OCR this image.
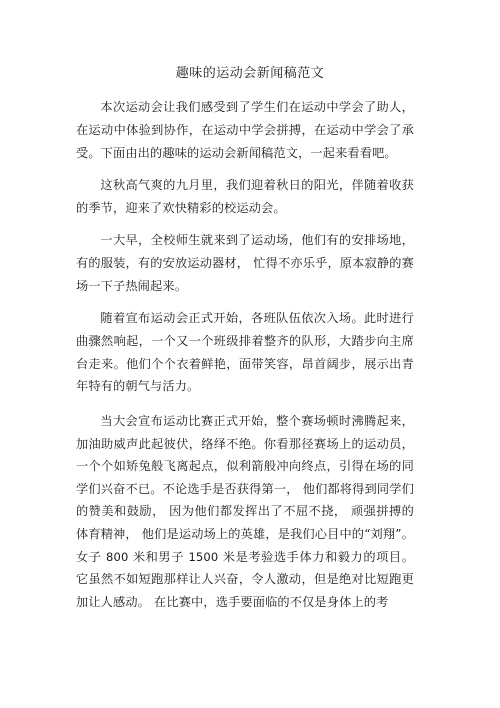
趣味的运动会新闻稿范文

本次运动会让我们感受到了学生们在运动中学会了助人，在运动中体验到协作，在运动中学会拼搏，在运动中学会了承受。下面由出的趣味的运动会新闻稿范文，一起来看看吧。

这秋高气爽的九月里，我们迎着秋日的阳光，伴随着收获的季节，迎来了欢快精彩的校运动会。

一大早，全校师生就来到了运动场，他们有的安排场地，有的服装，有的安放运动器材， 忙得不亦乐乎，原本寂静的赛场一下子热闹起来。

随着宣布运动会正式开始，各班队伍依次入场。此时进行曲骤然响起，一个又一个班级排着整齐的队形，大踏步向主席台走来。他们个个衣着鲜艳，面带笑容，昂首阔步，展示出青年特有的朝气与活力。

当大会宣布运动比赛正式开始，整个赛场顿时沸腾起来，加油助威声此起彼伏，络绎不绝。你看那径赛场上的运动员，一个个如矫兔般飞离起点，似利箭般冲向终点，引得在场的同学们兴奋不已。不论选手是否获得第一， 他们都将得到同学们的赞美和鼓励， 因为他们都发挥出了不屈不挠， 顽强拼搏的体育精神， 他们是运动场上的英雄，是我们心目中的“刘翔”。女子 800 米和男子 1500 米是考验选手体力和毅力的项目。它虽然不如短跑那样让人兴奋，令人激动，但是绝对比短跑更加让人感动。 在比赛中，选手要面临的不仅是身体上的考
